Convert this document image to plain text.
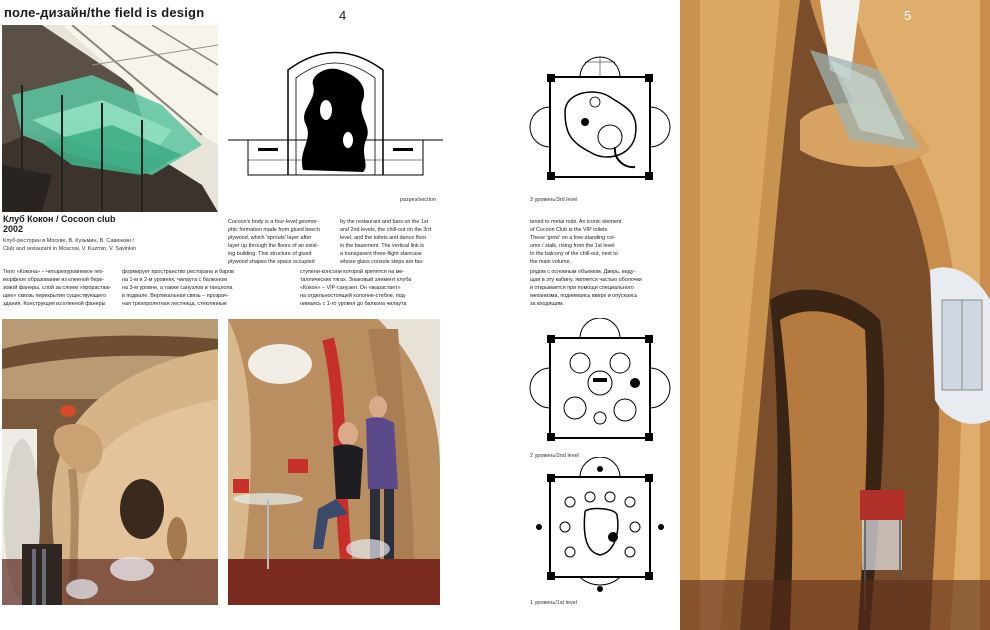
поле-дизайн/the field is design	4
разрез/section
Клуб Кокон / Cocoon club
2002
Клуб-ресторан в Москве, В. Кузьмин, В. Савинкин /
Club and restaurant in Moscow, V. Kuzmin, V. Savinkin

Cocoon's body is a four-level geomor-

phic formation made from glued beech

plywood, which 'sprouts' layer after

layer up through the floors of an exist-

ing building. This structure of glued

plywood shapes the space occupied

by the restaurant and bars on the 1st

and 2nd levels, the chill-out on the 3rd

level, and the toilets and dance floor

in the basement. The vertical link is

a transparent three-flight staircase

whose glass console steps are fas-

Тело «Кокона» – четырехуровневое гео-

морфное образование из клееной бере-

зовой фанеры, слой за слоем «прорастаю-

щее» сквозь перекрытия существующего

здания. Конструкция из клееной фанеры

формирует пространство ресторана и баров

на 1-м и 2-м уровнях, чилаута с балконом

на 3-м уровне, а также санузлов и танцпола

в подвале. Вертикальная связь – прозрач-

ная трехпролетная лестница, стеклянные

ступени-консоли которой крепятся на ме-

таллических тягах. Знаковый элемент клуба

«Кокон» – VIP-санузел. Он «вырастает»

на отдельностоящей колонне-стебле, под-

нимаясь с 1-го уровня до балкона чилаута

3 уровень/3rd level

tened to metal rods. An iconic element

of Cocoon Club is the VIP toilets.

These 'grow' on a free-standing col-

umn / stalk, rising from the 1st level

to the balcony of the chill-out, next to

the main volume.

рядом с основным объемом. Дверь, веду-

щая в эту кабину, является частью оболочки

и открывается при помощи специального

механизма, поднимаясь вверх и опускаясь

за входящим.

2 уровень/2nd level
1 уровень/1st level
5
